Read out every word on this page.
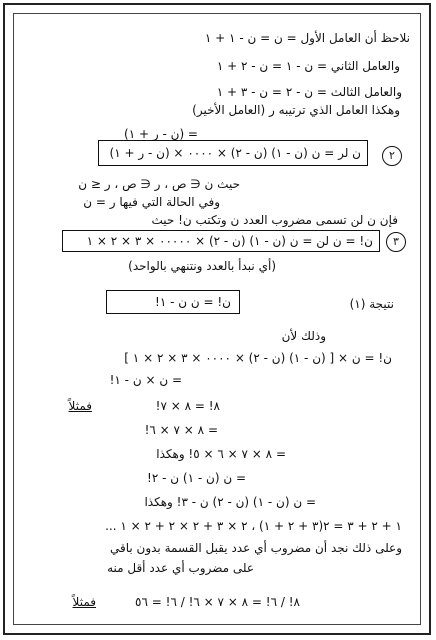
نلاحظ أن العامل الأول = ن = ن - ١ + ١
والعامل الثاني = ن - ١ = ن - ٢ + ١
والعامل الثالث = ن - ٢ = ن - ٣ + ١
وهكذا العامل الذي ترتيبه ر (العامل الأخير)
= (ن - ر + ١)
٢
ن لر = ن (ن - ١) (ن - ٢) × ٠٠٠٠ × (ن - ر + ١)
حيث ن ∈ ص ، ر ∈ ص ، ر ≤ ن
وفي الحالة التي فيها ر = ن
فإن ن لن تسمى مضروب العدد ن وتكتب ن! حيث
٣
ن! = ن لن = ن (ن - ١) (ن - ٢) × ٠٠٠٠٠ × ٣ × ٢ × ١
(أي نبدأ بالعدد ونتنهي بالواحد)
نتيجة (١)
ن! = ن ن - ١!
وذلك لأن
ن! = ن × [ (ن - ١) (ن - ٢) × ٠٠٠٠ × ٣ × ٢ × ١ ]
= ن × ن - ١!
فمثلاً	٨! = ٨ × ٧!
= ٨ × ٧ × ٦!
= ٨ × ٧ × ٦ × ٥! وهكذا
= ن (ن - ١) ن - ٢!
= ن (ن - ١) (ن - ٢) ن - ٣! وهكذا
١ + ٢ + ٣ = ٢(٣ + ٢ + ١) ، ٢ × ٣ + ٢ × ٢ + ٢ × ١ ...
وعلى ذلك نجد أن مضروب أي عدد يقبل القسمة بدون باقي
على مضروب أي عدد أقل منه
فمثلاً	٨! / ٦! = ٨ × ٧ × ٦! / ٦! = ٥٦
